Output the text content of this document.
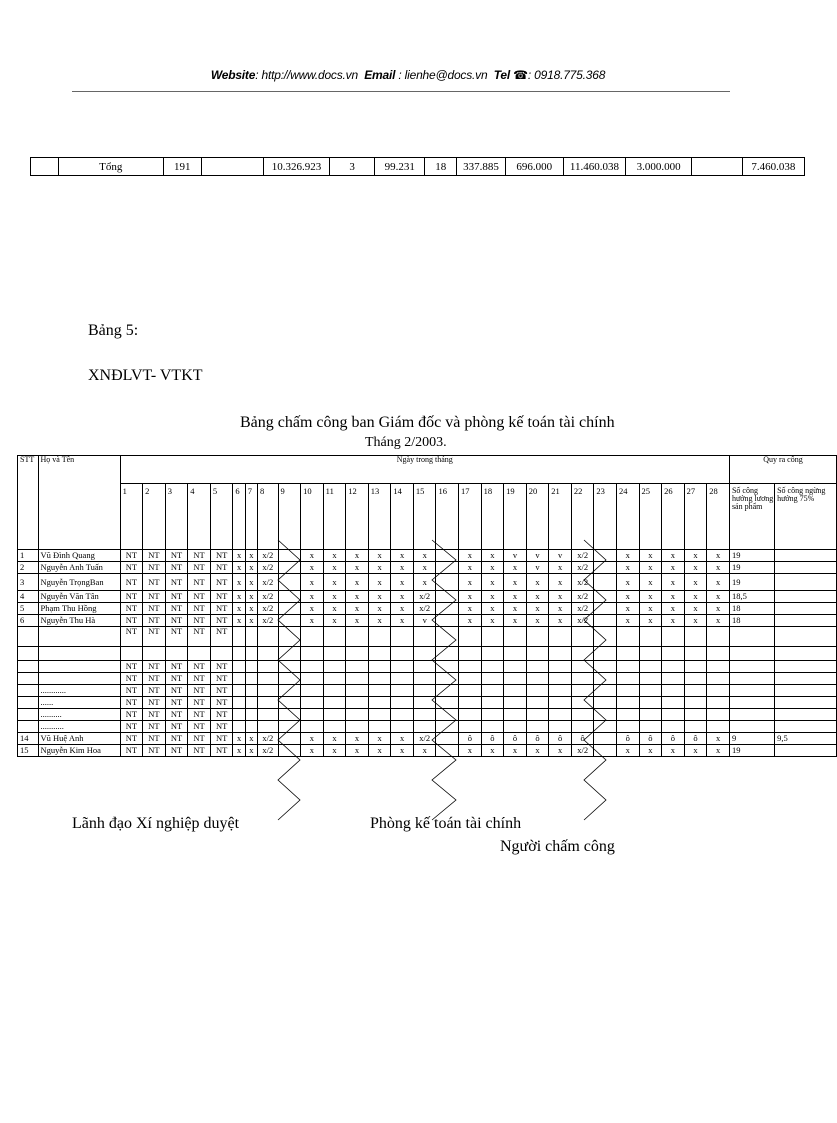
Website: http://www.docs.vn Email : lienhe@docs.vn Tel ☎: 0918.775.368
	Tổng	191		10.326.923	3	99.231	18	337.885	696.000	11.460.038	3.000.000		7.460.038
Bảng 5:
XNĐLVT- VTKT
Bảng chấm công ban Giám đốc và phòng kế toán tài chính
Tháng 2/2003.
STT	Họ và Tên	Ngày trong tháng																												Quy ra công	
		1	2	3	4	5	6	7	8	9	10	11	12	13	14	15	16	17	18	19	20	21	22	23	24	25	26	27	28	Số công hưởng lương sản phẩm	Số công ngừng hưởng 75%
1	Vũ Đình Quang	NT	NT	NT	NT	NT	x	x	x/2		x	x	x	x	x	x		x	x	v	v	v	x/2		x	x	x	x	x	19	
2	Nguyễn Anh Tuấn	NT	NT	NT	NT	NT	x	x	x/2		x	x	x	x	x	x		x	x	x	v	x	x/2		x	x	x	x	x	19	
3	Nguyễn TrọngBan	NT	NT	NT	NT	NT	x	x	x/2		x	x	x	x	x	x		x	x	x	x	x	x/2		x	x	x	x	x	19	
4	Nguyễn Văn Tân	NT	NT	NT	NT	NT	x	x	x/2		x	x	x	x	x	x/2		x	x	x	x	x	x/2		x	x	x	x	x	18,5	
5	Phạm Thu Hồng	NT	NT	NT	NT	NT	x	x	x/2		x	x	x	x	x	x/2		x	x	x	x	x	x/2		x	x	x	x	x	18	
6	Nguyễn Thu Hà	NT	NT	NT	NT	NT	x	x	x/2		x	x	x	x	x	v		x	x	x	x	x	x/2		x	x	x	x	x	18	
		NT	NT	NT	NT	NT																									

		NT	NT	NT	NT	NT																									
		NT	NT	NT	NT	NT																									
	............	NT	NT	NT	NT	NT																									
	......	NT	NT	NT	NT	NT																									
	..........	NT	NT	NT	NT	NT																									
	...........	NT	NT	NT	NT	NT																									
14	Vũ Huệ Anh	NT	NT	NT	NT	NT	x	x	x/2		x	x	x	x	x	x/2		ô	ô	ô	ô	ô	ô		ô	ô	ô	ô	x	9	9,5
15	Nguyễn Kim Hoa	NT	NT	NT	NT	NT	x	x	x/2		x	x	x	x	x	x		x	x	x	x	x	x/2		x	x	x	x	x	19	
Lãnh đạo Xí nghiệp duyệt	Phòng kế toán tài chính
Người chấm công
